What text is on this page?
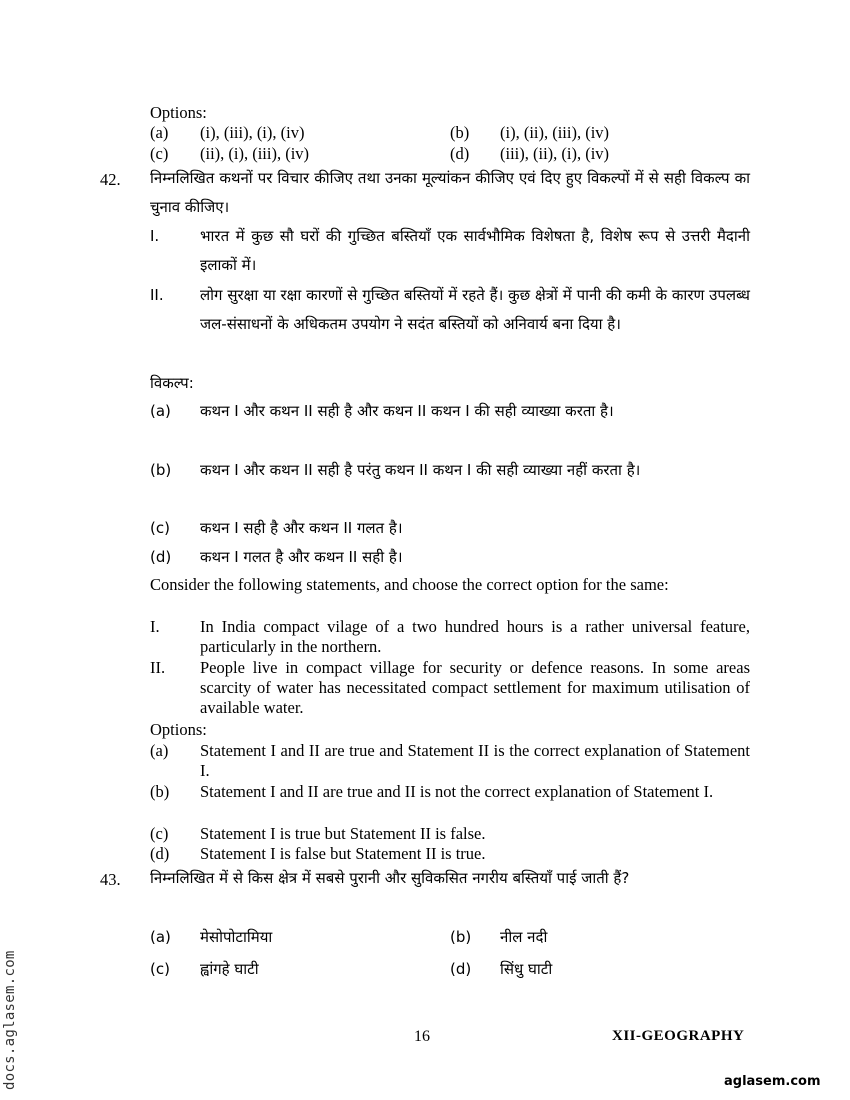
Options:
(a)	(i), (iii), (i), (iv)	(b)	(i), (ii), (iii), (iv)
(c)	(ii), (i), (iii), (iv)	(d)	(iii), (ii), (i), (iv)
42. निम्नलिखित कथनों पर विचार कीजिए तथा उनका मूल्यांकन कीजिए एवं दिए हुए विकल्पों में से सही विकल्प का चुनाव कीजिए।
I.	भारत में कुछ सौ घरों की गुच्छित बस्तियाँ एक सार्वभौमिक विशेषता है, विशेष रूप से उत्तरी मैदानी इलाकों में।
II.	लोग सुरक्षा या रक्षा कारणों से गुच्छित बस्तियों में रहते हैं। कुछ क्षेत्रों में पानी की कमी के कारण उपलब्ध जल-संसाधनों के अधिकतम उपयोग ने सदंत बस्तियों को अनिवार्य बना दिया है।
विकल्प:
(a)	कथन I और कथन II सही है और कथन II कथन I की सही व्याख्या करता है।
(b)	कथन I और कथन II सही है परंतु कथन II कथन I की सही व्याख्या नहीं करता है।
(c)	कथन I सही है और कथन II गलत है।
(d)	कथन I गलत है और कथन II सही है।
Consider the following statements, and choose the correct option for the same:
I.	In India compact vilage of a two hundred hours is a rather universal feature, particularly in the northern.
II.	People live in compact village for security or defence reasons. In some areas scarcity of water has necessitated compact settlement for maximum utilisation of available water.
Options:
(a)	Statement I and II are true and Statement II is the correct explanation of Statement I.
(b)	Statement I and II are true and II is not the correct explanation of Statement I.
(c)	Statement I is true but Statement II is false.
(d)	Statement I is false but Statement II is true.
43. निम्नलिखित में से किस क्षेत्र में सबसे पुरानी और सुविकसित नगरीय बस्तियाँ पाई जाती हैं?
(a)	मेसोपोटामिया	(b)	नील नदी
(c)	ह्वांगहे घाटी	(d)	सिंधु घाटी
16	XII-GEOGRAPHY
docs.aglasem.com	aglasem.com
